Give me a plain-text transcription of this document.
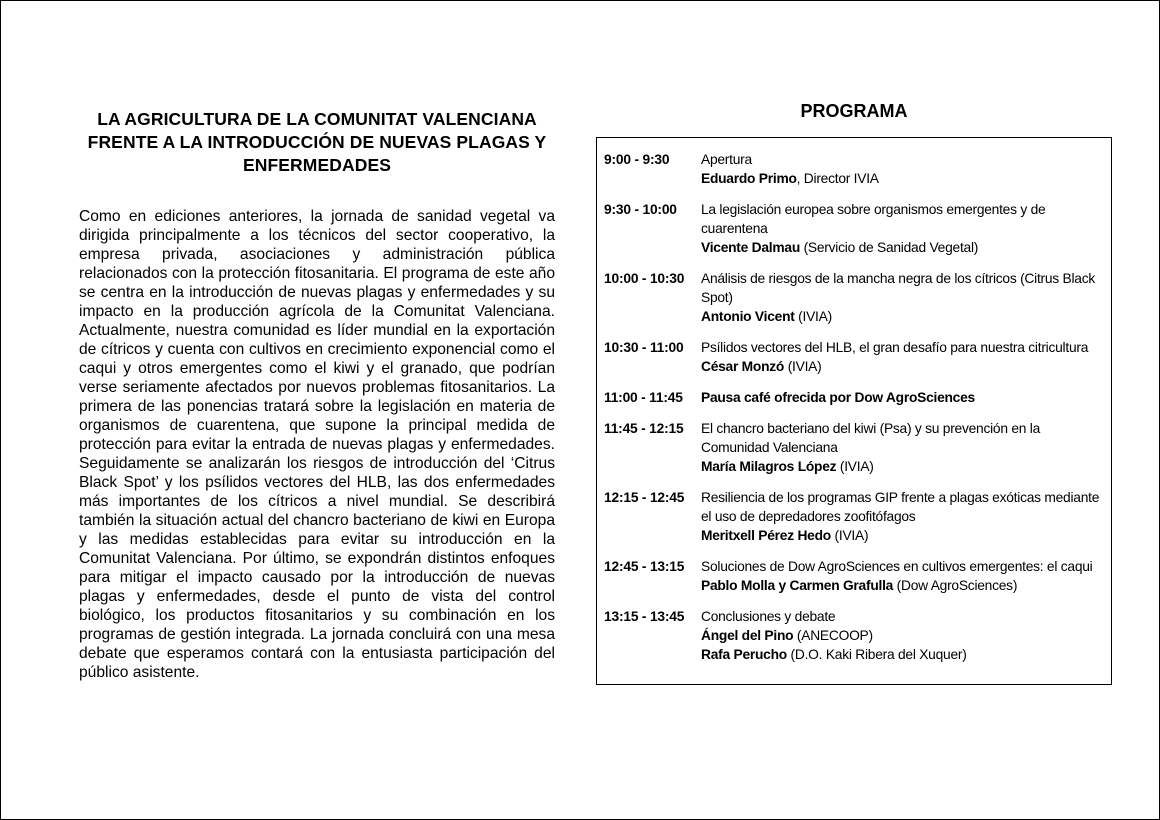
LA AGRICULTURA DE LA COMUNITAT VALENCIANA FRENTE A LA INTRODUCCIÓN DE NUEVAS PLAGAS Y ENFERMEDADES

Como en ediciones anteriores, la jornada de sanidad vegetal va dirigida principalmente a los técnicos del sector cooperativo, la empresa privada, asociaciones y administración pública relacionados con la protección fitosanitaria. El programa de este año se centra en la introducción de nuevas plagas y enfermedades y su impacto en la producción agrícola de la Comunitat Valenciana. Actualmente, nuestra comunidad es líder mundial en la exportación de cítricos y cuenta con cultivos en crecimiento exponencial como el caqui y otros emergentes como el kiwi y el granado, que podrían verse seriamente afectados por nuevos problemas fitosanitarios. La primera de las ponencias tratará sobre la legislación en materia de organismos de cuarentena, que supone la principal medida de protección para evitar la entrada de nuevas plagas y enfermedades. Seguidamente se analizarán los riesgos de introducción del ‘Citrus Black Spot’ y los psílidos vectores del HLB, las dos enfermedades más importantes de los cítricos a nivel mundial. Se describirá también la situación actual del chancro bacteriano de kiwi en Europa y las medidas establecidas para evitar su introducción en la Comunitat Valenciana. Por último, se expondrán distintos enfoques para mitigar el impacto causado por la introducción de nuevas plagas y enfermedades, desde el punto de vista del control biológico, los productos fitosanitarios y su combinación en los programas de gestión integrada. La jornada concluirá con una mesa debate que esperamos contará con la entusiasta participación del público asistente.

PROGRAMA
9:00 - 9:30	Apertura
Eduardo Primo, Director IVIA
9:30 - 10:00	La legislación europea sobre organismos emergentes y de cuarentena
Vicente Dalmau (Servicio de Sanidad Vegetal)
10:00 - 10:30	Análisis de riesgos de la mancha negra de los cítricos (Citrus Black Spot)
Antonio Vicent (IVIA)
10:30 - 11:00	Psílidos vectores del HLB, el gran desafío para nuestra citricultura
César Monzó (IVIA)
11:00 - 11:45	Pausa café ofrecida por Dow AgroSciences
11:45 - 12:15	El chancro bacteriano del kiwi (Psa) y su prevención en la Comunidad Valenciana
María Milagros López (IVIA)
12:15 - 12:45	Resiliencia de los programas GIP frente a plagas exóticas mediante el uso de depredadores zoofitófagos
Meritxell Pérez Hedo (IVIA)
12:45 - 13:15	Soluciones de Dow AgroSciences en cultivos emergentes: el caqui
Pablo Molla y Carmen Grafulla (Dow AgroSciences)
13:15 - 13:45	Conclusiones y debate
Ángel del Pino (ANECOOP)
Rafa Perucho (D.O. Kaki Ribera del Xuquer)
